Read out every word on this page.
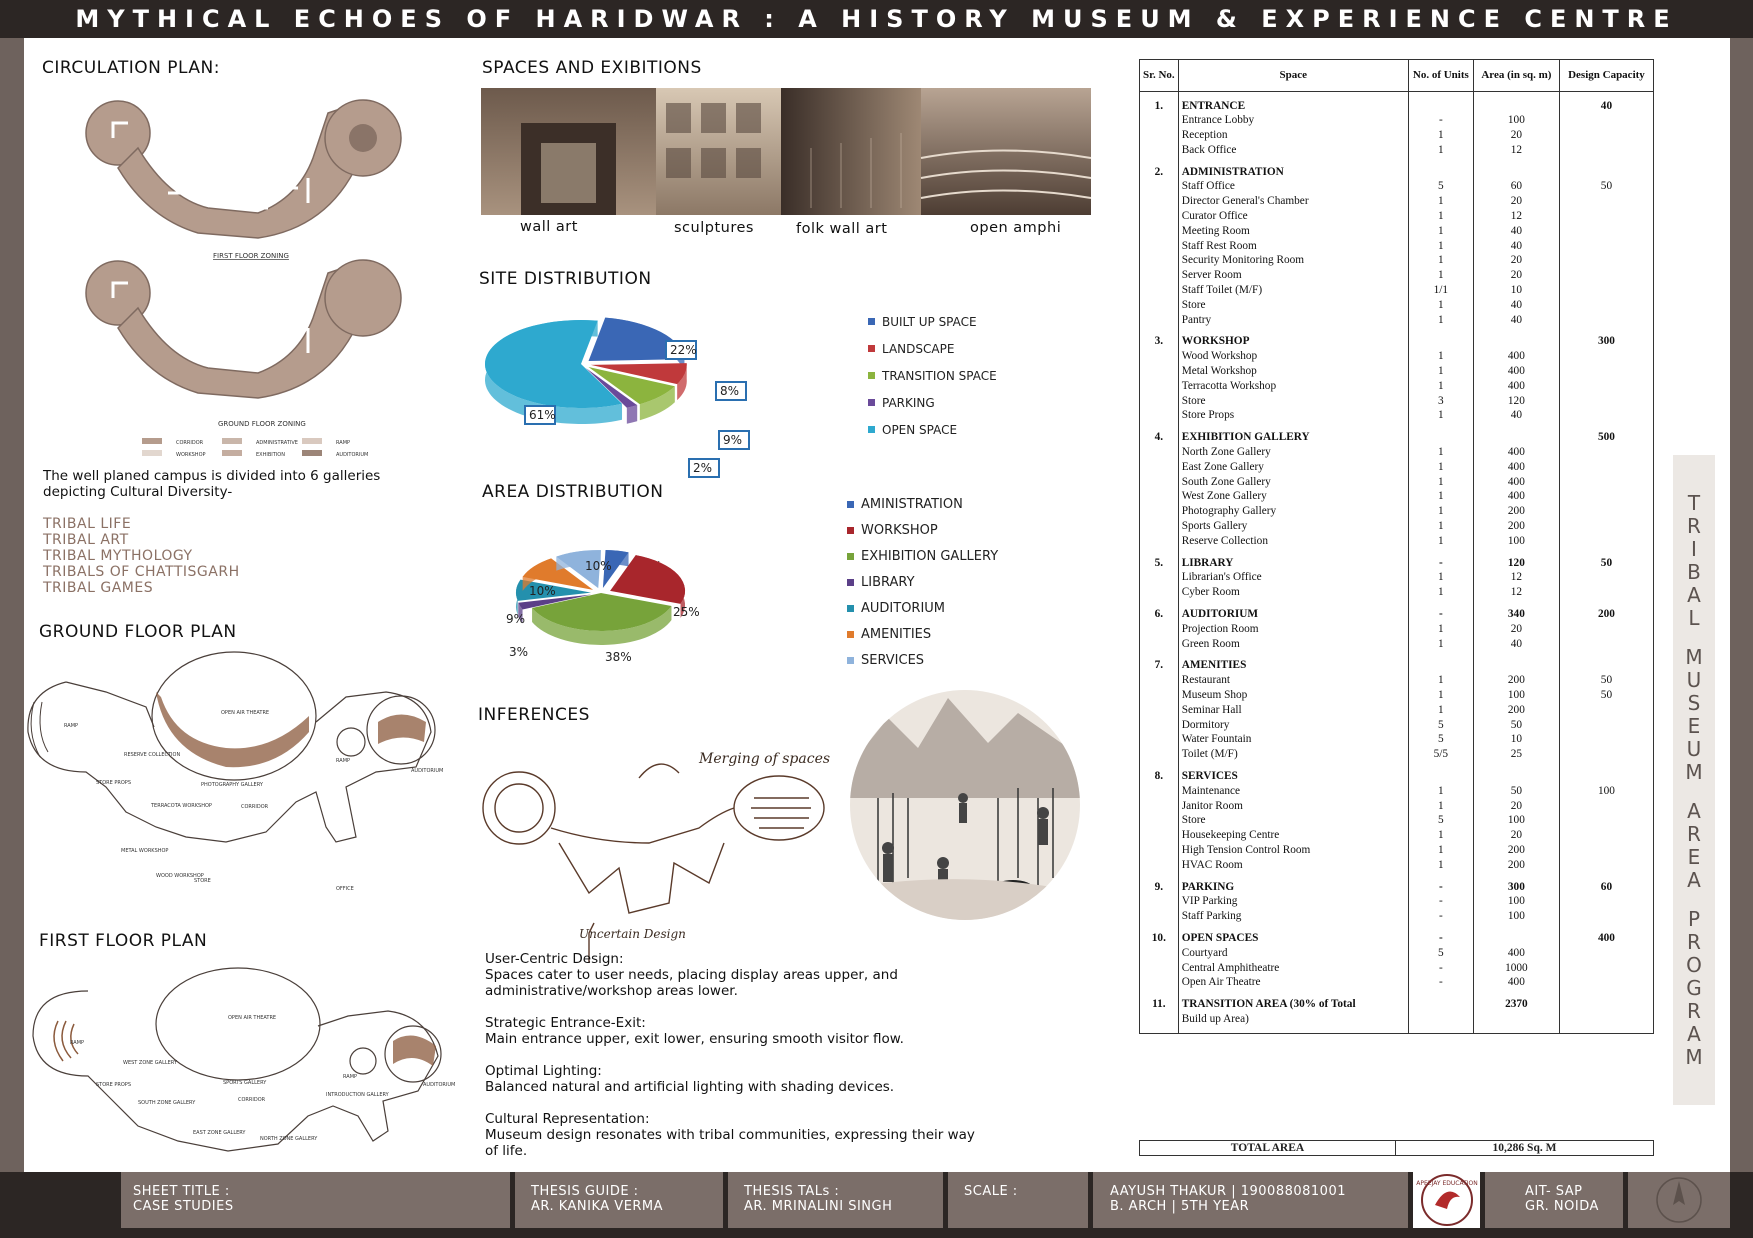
MYTHICAL ECHOES OF HARIDWAR : A HISTORY MUSEUM & EXPERIENCE CENTRE
CIRCULATION PLAN:
FIRST FLOOR ZONING
GROUND FLOOR ZONING
CORRIDOR	ADMINISTRATIVE	RAMP
WORKSHOP	EXHIBITION	AUDITORIUM
The well planed campus is divided into 6 galleries depicting Cultural Diversity-
TRIBAL LIFE
TRIBAL ART
TRIBAL MYTHOLOGY
TRIBALS OF CHATTISGARH
TRIBAL GAMES
GROUND FLOOR PLAN
OPEN AIR THEATRE
RAMP
RESERVE COLLECTION
STORE PROPS	PHOTOGRAPHY GALLERY
TERRACOTA WORKSHOP	CORRIDOR
METAL WORKSHOP
WOOD WORKSHOP
STORE
RAMP
AUDITORIUM
OFFICE
FIRST FLOOR PLAN
OPEN AIR THEATRE
RAMP
WEST ZONE GALLERY
STORE PROPS	SPORTS GALLERY
SOUTH ZONE GALLERY	CORRIDOR
EAST ZONE GALLERY
NORTH ZONE GALLERY
INTRODUCTION GALLERY
RAMP
AUDITORIUM
SPACES AND EXIBITIONS
wall art	sculptures	folk wall art	open amphi
SITE DISTRIBUTION
22%
8%
9%
2%
61%
BUILT UP SPACE
LANDSCAPE
TRANSITION SPACE
PARKING
OPEN SPACE
AREA DISTRIBUTION
25%
38%
3%
9%
10%
10%
AMINISTRATION
WORKSHOP
EXHIBITION GALLERY
LIBRARY
AUDITORIUM
AMENITIES
SERVICES
INFERENCES
Merging of spaces
Uncertain Design

User-Centric Design:
Spaces cater to user needs, placing display areas upper, and administrative/workshop areas lower.

Strategic Entrance-Exit:
Main entrance upper, exit lower, ensuring smooth visitor flow.

Optimal Lighting:
Balanced natural and artificial lighting with shading devices.

Cultural Representation:
Museum design resonates with tribal communities, expressing their way of life.

Sr. No.	Space	No. of Units	Area (in sq. m)	Design Capacity

1.	ENTRANCE			40
	Entrance Lobby	-	100	
	Reception	1	20	
	Back Office	1	12	

2.	ADMINISTRATION			
	Staff Office	5	60	50
	Director General's Chamber	1	20	
	Curator Office	1	12	
	Meeting Room	1	40	
	Staff Rest Room	1	40	
	Security Monitoring Room	1	20	
	Server Room	1	20	
	Staff Toilet (M/F)	1/1	10	
	Store	1	40	
	Pantry	1	40	

3.	WORKSHOP			300
	Wood Workshop	1	400	
	Metal Workshop	1	400	
	Terracotta Workshop	1	400	
	Store	3	120	
	Store Props	1	40	

4.	EXHIBITION GALLERY			500
	North Zone Gallery	1	400	
	East Zone Gallery	1	400	
	South Zone Gallery	1	400	
	West Zone Gallery	1	400	
	Photography Gallery	1	200	
	Sports Gallery	1	200	
	Reserve Collection	1	100	

5.	LIBRARY	-	120	50
	Librarian's Office	1	12	
	Cyber Room	1	12	

6.	AUDITORIUM	-	340	200
	Projection Room	1	20	
	Green Room	1	40	

7.	AMENITIES			
	Restaurant	1	200	50
	Museum Shop	1	100	50
	Seminar Hall	1	200	
	Dormitory	5	50	
	Water Fountain	5	10	
	Toilet (M/F)	5/5	25	

8.	SERVICES			
	Maintenance	1	50	100
	Janitor Room	1	20	
	Store	5	100	
	Housekeeping Centre	1	20	
	High Tension Control Room	1	200	
	HVAC Room	1	200	

9.	PARKING	-	300	60
	VIP Parking	-	100	
	Staff Parking	-	100	

10.	OPEN SPACES	-		400
	Courtyard	5	400	
	Central Amphitheatre	-	1000	
	Open Air Theatre	-	400	

11.	TRANSITION AREA (30% of Total		2370	
	Build up Area)			

TOTAL AREA	10,286 Sq. M
T
R
I
B
A
L
M
U
S
E
U
M
A
R
E
A
P
R
O
G
R
A
M
SHEET TITLE :
CASE STUDIES
THESIS GUIDE :
AR. KANIKA VERMA
THESIS TALs :
AR. MRINALINI SINGH
SCALE :	AAYUSH THAKUR | 190088081001
B. ARCH | 5TH YEAR
APEEJAY EDUCATION
AIT- SAP
GR. NOIDA
